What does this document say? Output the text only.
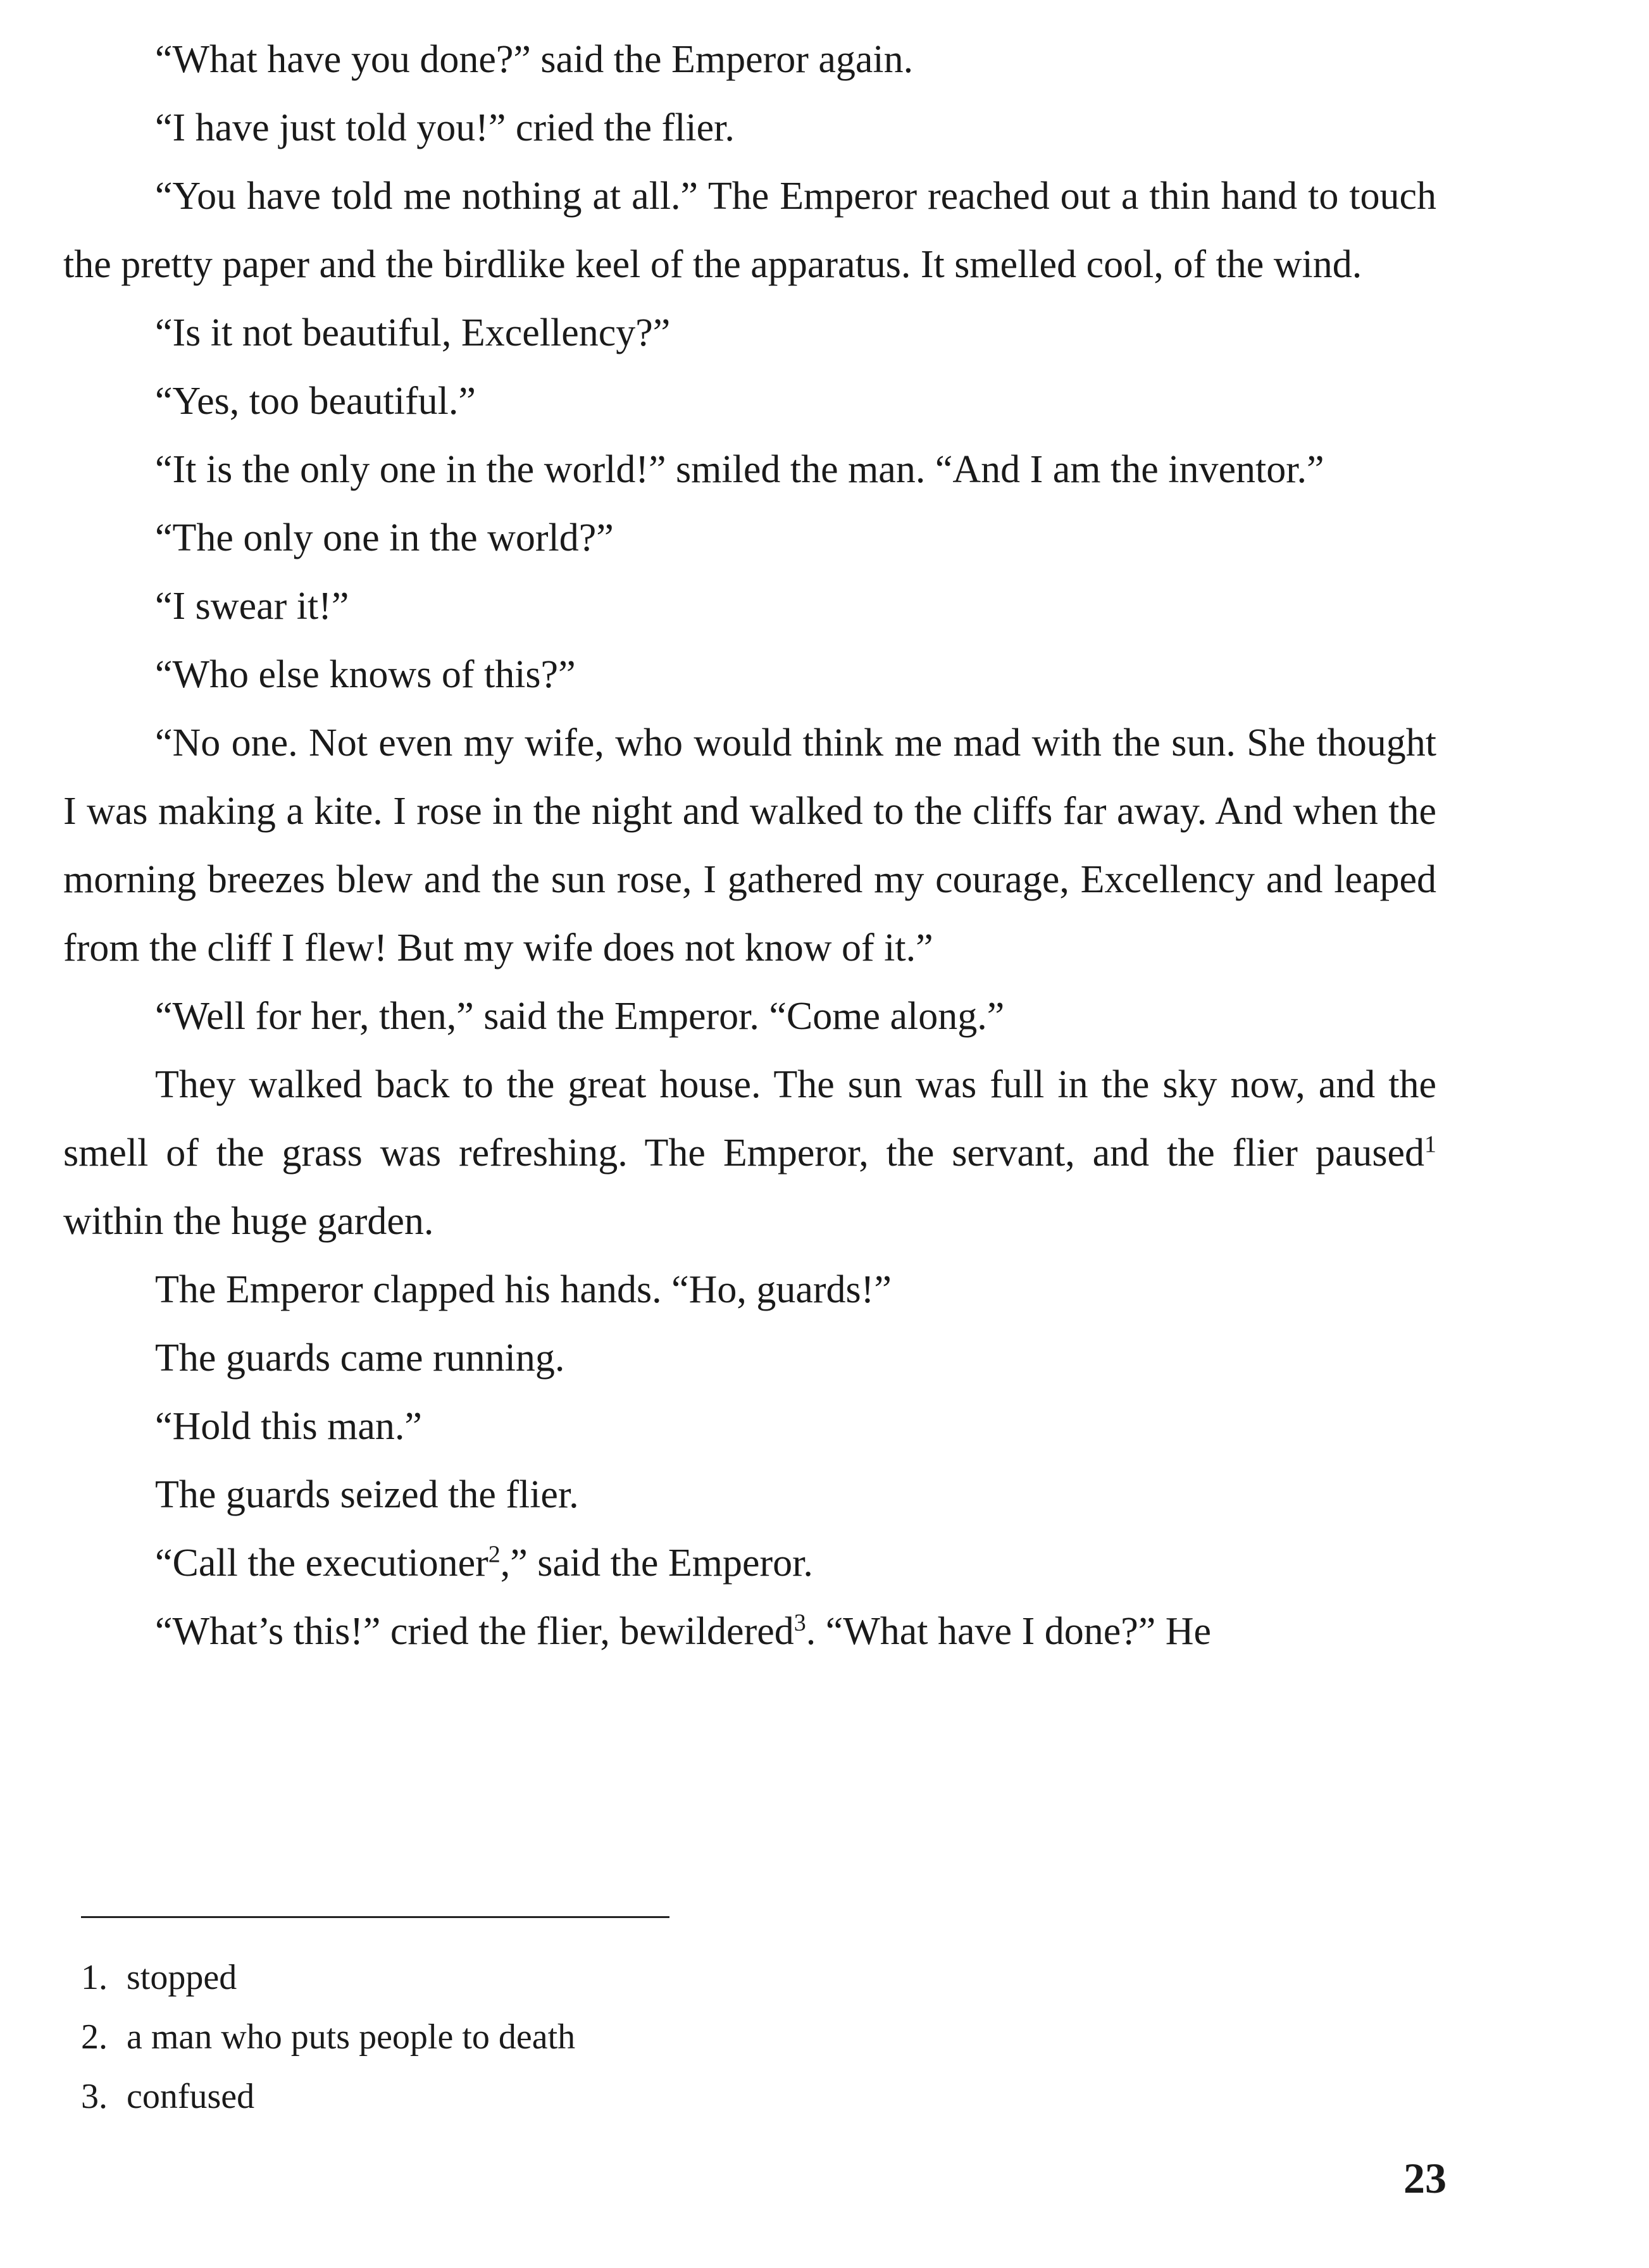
“What have you done?” said the Emperor again.

“I have just told you!” cried the flier.

“You have told me nothing at all.” The Emperor reached out a thin hand to touch the pretty paper and the birdlike keel of the apparatus. It smelled cool, of the wind.

“Is it not beautiful, Excellency?”

“Yes, too beautiful.”

“It is the only one in the world!” smiled the man. “And I am the inventor.”

“The only one in the world?”

“I swear it!”

“Who else knows of this?”

“No one. Not even my wife, who would think me mad with the sun. She thought I was making a kite. I rose in the night and walked to the cliffs far away. And when the morning breezes blew and the sun rose, I gathered my courage, Excellency and leaped from the cliff I flew! But my wife does not know of it.”

“Well for her, then,” said the Emperor. “Come along.”

They walked back to the great house. The sun was full in the sky now, and the smell of the grass was refreshing. The Emperor, the servant, and the flier paused$^1$ within the huge garden.

The Emperor clapped his hands. “Ho, guards!”

The guards came running.

“Hold this man.”

The guards seized the flier.

“Call the executioner$^2$,” said the Emperor.

“What’s this!” cried the flier, bewildered$^3$. “What have I done?” He

1. stopped
2. a man who puts people to death
3. confused
23
